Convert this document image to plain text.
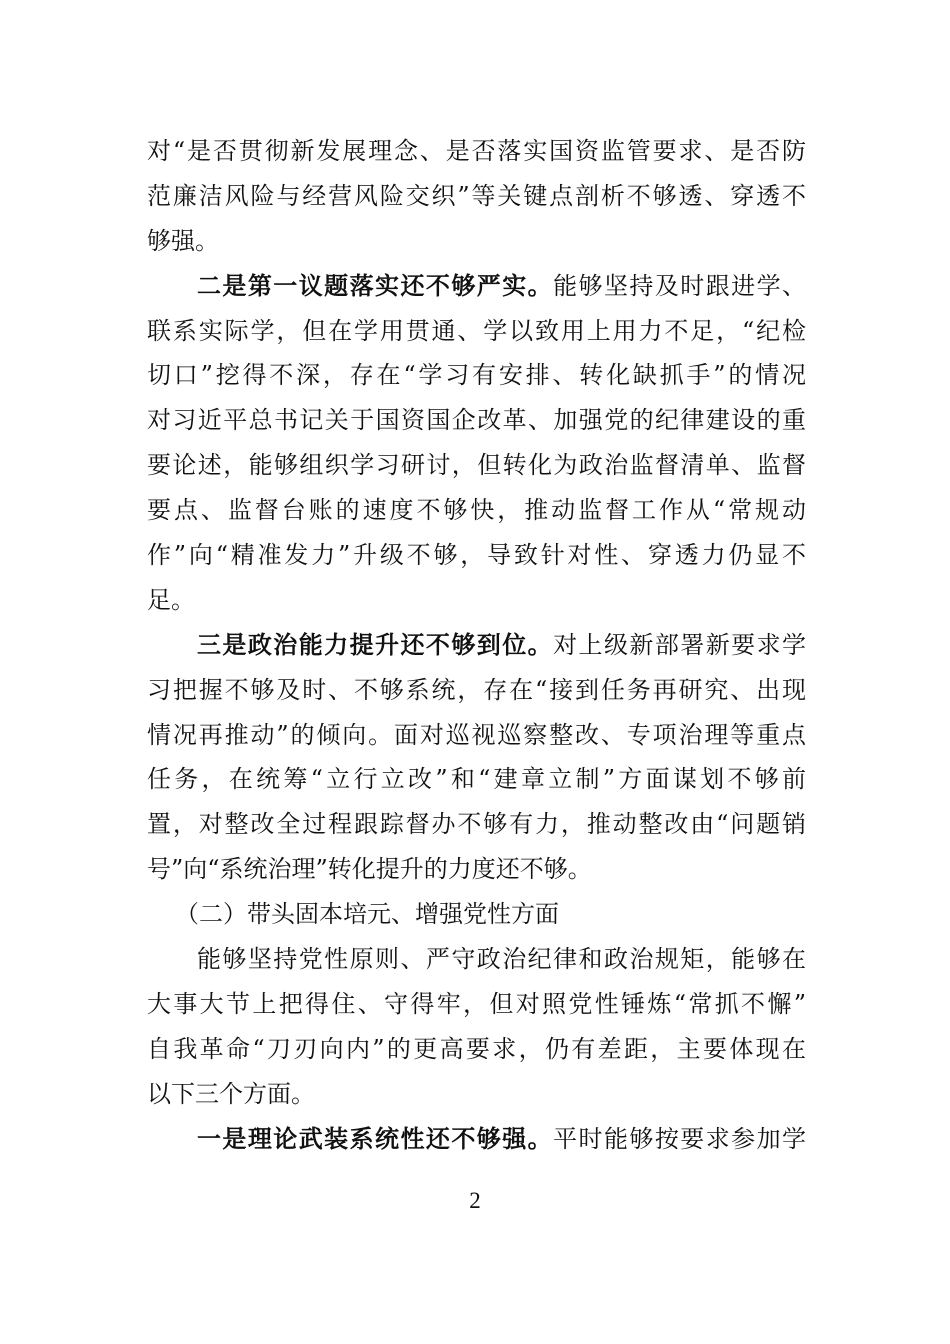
对“是否贯彻新发展理念、是否落实国资监管要求、是否防
范廉洁风险与经营风险交织”等关键点剖析不够透、穿透不
够强。
二是第一议题落实还不够严实。能够坚持及时跟进学、
联系实际学，但在学用贯通、学以致用上用力不足，“纪检
切口”挖得不深，存在“学习有安排、转化缺抓手”的情况
对习近平总书记关于国资国企改革、加强党的纪律建设的重
要论述，能够组织学习研讨，但转化为政治监督清单、监督
要点、监督台账的速度不够快，推动监督工作从“常规动
作”向“精准发力”升级不够，导致针对性、穿透力仍显不
足。
三是政治能力提升还不够到位。对上级新部署新要求学
习把握不够及时、不够系统，存在“接到任务再研究、出现
情况再推动”的倾向。面对巡视巡察整改、专项治理等重点
任务，在统筹“立行立改”和“建章立制”方面谋划不够前
置，对整改全过程跟踪督办不够有力，推动整改由“问题销
号”向“系统治理”转化提升的力度还不够。
（二）带头固本培元、增强党性方面
能够坚持党性原则、严守政治纪律和政治规矩，能够在
大事大节上把得住、守得牢，但对照党性锤炼“常抓不懈”
自我革命“刀刃向内”的更高要求，仍有差距，主要体现在
以下三个方面。
一是理论武装系统性还不够强。平时能够按要求参加学
2
